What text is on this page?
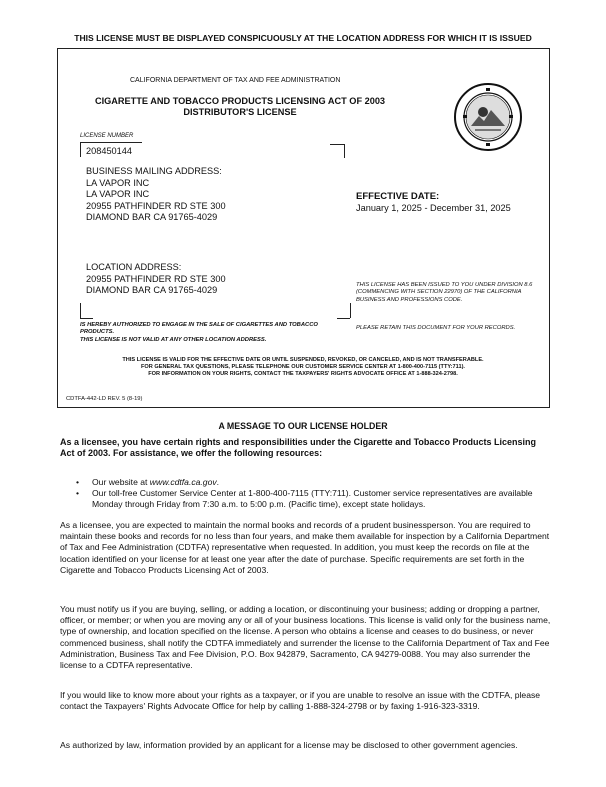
THIS LICENSE MUST BE DISPLAYED CONSPICUOUSLY AT THE LOCATION ADDRESS FOR WHICH IT IS ISSUED
CALIFORNIA DEPARTMENT OF TAX AND FEE ADMINISTRATION
CIGARETTE AND TOBACCO PRODUCTS LICENSING ACT OF 2003
DISTRIBUTOR'S LICENSE
LICENSE NUMBER
208450144
BUSINESS MAILING ADDRESS:
LA VAPOR INC
LA VAPOR INC
20955 PATHFINDER RD STE 300
DIAMOND BAR CA 91765-4029
EFFECTIVE DATE:
January 1, 2025 - December 31, 2025
LOCATION ADDRESS:
20955 PATHFINDER RD STE 300
DIAMOND BAR CA 91765-4029
THIS LICENSE HAS BEEN ISSUED TO YOU UNDER DIVISION 8.6 (COMMENCING WITH SECTION 22970) OF THE CALIFORNIA BUSINESS AND PROFESSIONS CODE.
IS HEREBY AUTHORIZED TO ENGAGE IN THE SALE OF CIGARETTES AND TOBACCO PRODUCTS.
THIS LICENSE IS NOT VALID AT ANY OTHER LOCATION ADDRESS.
PLEASE RETAIN THIS DOCUMENT FOR YOUR RECORDS.
THIS LICENSE IS VALID FOR THE EFFECTIVE DATE OR UNTIL SUSPENDED, REVOKED, OR CANCELED, AND IS NOT TRANSFERABLE.
FOR GENERAL TAX QUESTIONS, PLEASE TELEPHONE OUR CUSTOMER SERVICE CENTER AT 1-800-400-7115 (TTY:711).
FOR INFORMATION ON YOUR RIGHTS, CONTACT THE TAXPAYERS' RIGHTS ADVOCATE OFFICE AT 1-888-324-2798.
CDTFA-442-LD REV. 5 (8-19)
A MESSAGE TO OUR LICENSE HOLDER
As a licensee, you have certain rights and responsibilities under the Cigarette and Tobacco Products Licensing Act of 2003. For assistance, we offer the following resources:
• Our website at www.cdtfa.ca.gov.
• Our toll-free Customer Service Center at 1-800-400-7115 (TTY:711). Customer service representatives are available Monday through Friday from 7:30 a.m. to 5:00 p.m. (Pacific time), except state holidays.
As a licensee, you are expected to maintain the normal books and records of a prudent businessperson. You are required to maintain these books and records for no less than four years, and make them available for inspection by a California Department of Tax and Fee Administration (CDTFA) representative when requested. In addition, you must keep the records on file at the location identified on your license for at least one year after the date of purchase. Specific requirements are set forth in the Cigarette and Tobacco Products Licensing Act of 2003.
You must notify us if you are buying, selling, or adding a location, or discontinuing your business; adding or dropping a partner, officer, or member; or when you are moving any or all of your business locations. This license is valid only for the business name, type of ownership, and location specified on the license. A person who obtains a license and ceases to do business, or never commenced business, shall notify the CDTFA immediately and surrender the license to the California Department of Tax and Fee Administration, Business Tax and Fee Division, P.O. Box 942879, Sacramento, CA 94279-0088. You may also surrender the license to a CDTFA representative.
If you would like to know more about your rights as a taxpayer, or if you are unable to resolve an issue with the CDTFA, please contact the Taxpayers' Rights Advocate Office for help by calling 1-888-324-2798 or by faxing 1-916-323-3319.
As authorized by law, information provided by an applicant for a license may be disclosed to other government agencies.
